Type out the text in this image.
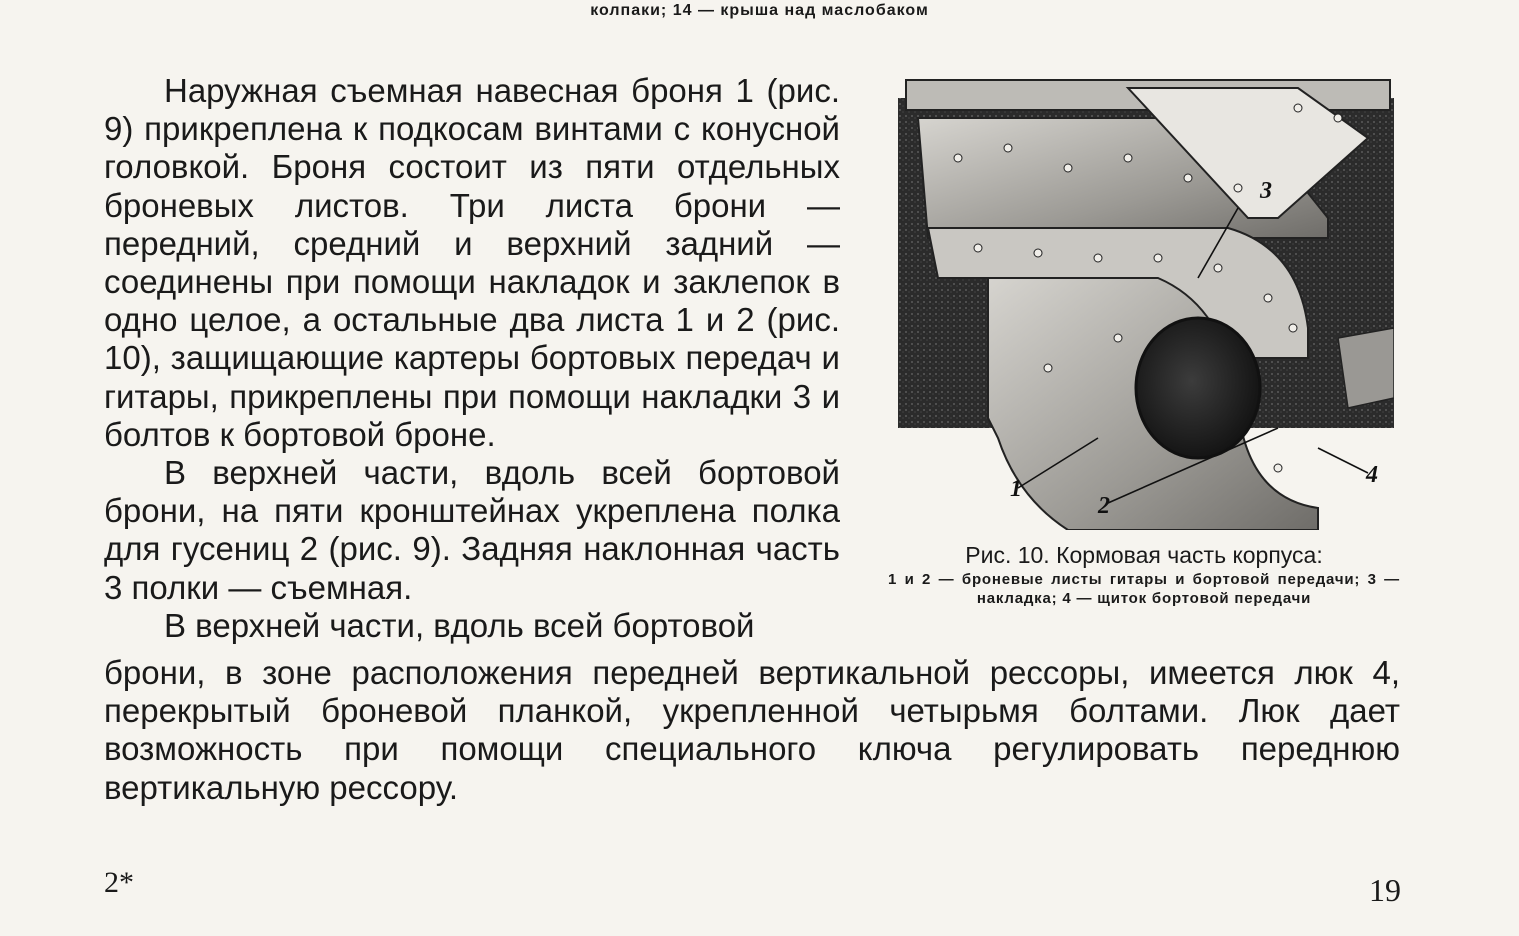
колпаки; 14 — крыша над маслобаком

Наружная съемная навесная броня 1 (рис. 9) прикреплена к подкосам винтами с конусной головкой. Броня состоит из пяти отдельных броневых листов. Три листа брони — передний, средний и верхний задний — соединены при помощи накладок и заклепок в одно целое, а остальные два листа 1 и 2 (рис. 10), защищающие картеры бортовых передач и гитары, прикреплены при помощи накладки 3 и болтов к бортовой броне.

В верхней части, вдоль всей бортовой брони, на пяти кронштейнах укреплена полка для гусениц 2 (рис. 9). Задняя наклонная часть 3 полки — съемная.

В верхней части, вдоль всей бортовой

1
2
3
4
Рис. 10. Кормовая часть корпуса:
1 и 2 — броневые листы гитары и бортовой передачи; 3 — накладка; 4 — щиток бортовой передачи

брони, в зоне расположения передней вертикальной рессоры, имеется люк 4, перекрытый броневой планкой, укрепленной четырьмя болтами. Люк дает возможность при помощи специального ключа регулировать переднюю вертикальную рессору.

2*	19
